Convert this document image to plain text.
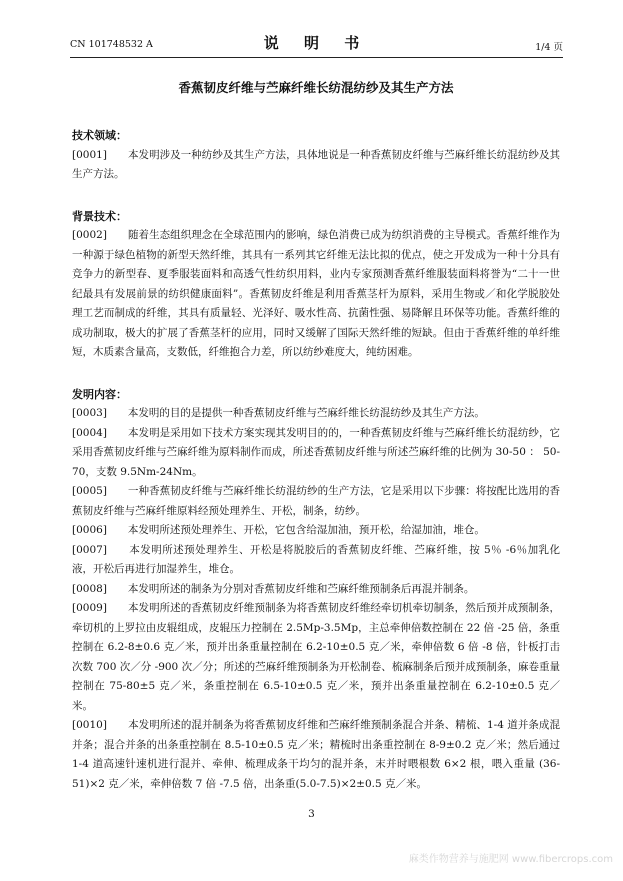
CN 101748532 A	说 明 书	1/4 页
香蕉韧皮纤维与苎麻纤维长纺混纺纱及其生产方法
技术领域：

[0001]　　本发明涉及一种纺纱及其生产方法，具体地说是一种香蕉韧皮纤维与苎麻纤维长纺混纺纱及其生产方法。

背景技术：

[0002]　　随着生态组织理念在全球范围内的影响，绿色消费已成为纺织消费的主导模式。香蕉纤维作为一种源于绿色植物的新型天然纤维，其具有一系列其它纤维无法比拟的优点，使之开发成为一种十分具有竞争力的新型春、夏季服装面料和高透气性纺织用料，业内专家预测香蕉纤维服装面料将誉为“二十一世纪最具有发展前景的纺织健康面料”。香蕉韧皮纤维是利用香蕉茎杆为原料，采用生物或／和化学脱胶处理工艺而制成的纤维，其具有质量轻、光泽好、吸水性高、抗菌性强、易降解且环保等功能。香蕉纤维的成功制取，极大的扩展了香蕉茎杆的应用，同时又缓解了国际天然纤维的短缺。但由于香蕉纤维的单纤维短，木质素含量高，支数低，纤维抱合力差，所以纺纱难度大，纯纺困难。

发明内容：

[0003]　　本发明的目的是提供一种香蕉韧皮纤维与苎麻纤维长纺混纺纱及其生产方法。

[0004]　　本发明是采用如下技术方案实现其发明目的的，一种香蕉韧皮纤维与苎麻纤维长纺混纺纱，它采用香蕉韧皮纤维与苎麻纤维为原料制作而成，所述香蕉韧皮纤维与所述苎麻纤维的比例为 30-50 ： 50-70，支数 9.5Nm-24Nm。

[0005]　　一种香蕉韧皮纤维与苎麻纤维长纺混纺纱的生产方法，它是采用以下步骤：将按配比选用的香蕉韧皮纤维与苎麻纤维原料经预处理养生、开松，制条，纺纱。

[0006]　　本发明所述预处理养生、开松，它包含给湿加油，预开松，给湿加油，堆仓。

[0007]　　本发明所述预处理养生、开松是将脱胶后的香蕉韧皮纤维、苎麻纤维，按 5％ -6％加乳化液，开松后再进行加湿养生，堆仓。

[0008]　　本发明所述的制条为分别对香蕉韧皮纤维和苎麻纤维预制条后再混并制条。

[0009]　　本发明所述的香蕉韧皮纤维预制条为将香蕉韧皮纤维经牵切机牵切制条，然后预并成预制条，牵切机的上罗拉由皮辊组成，皮辊压力控制在 2.5Mp-3.5Mp，主总牵伸倍数控制在 22 倍 -25 倍，条重控制在 6.2-8±0.6 克／米，预并出条重量控制在 6.2-10±0.5 克／米，牵伸倍数 6 倍 -8 倍，针板打击次数 700 次／分 -900 次／分；所述的苎麻纤维预制条为开松制卷、梳麻制条后预并成预制条，麻卷重量控制在 75-80±5 克／米，条重控制在 6.5-10±0.5 克／米，预并出条重量控制在 6.2-10±0.5 克／米。

[0010]　　本发明所述的混并制条为将香蕉韧皮纤维和苎麻纤维预制条混合并条、精梳、1-4 道并条成混并条；混合并条的出条重控制在 8.5-10±0.5 克／米；精梳时出条重控制在 8-9±0.2 克／米；然后通过 1-4 道高速针速机进行混并、牵伸、梳理成条干均匀的混并条，末并时喂根数 6×2 根，喂入重量 (36-51)×2 克／米，牵伸倍数 7 倍 -7.5 倍，出条重(5.0-7.5)×2±0.5 克／米。

3
麻类作物营养与施肥网 www.fibercrops.com
